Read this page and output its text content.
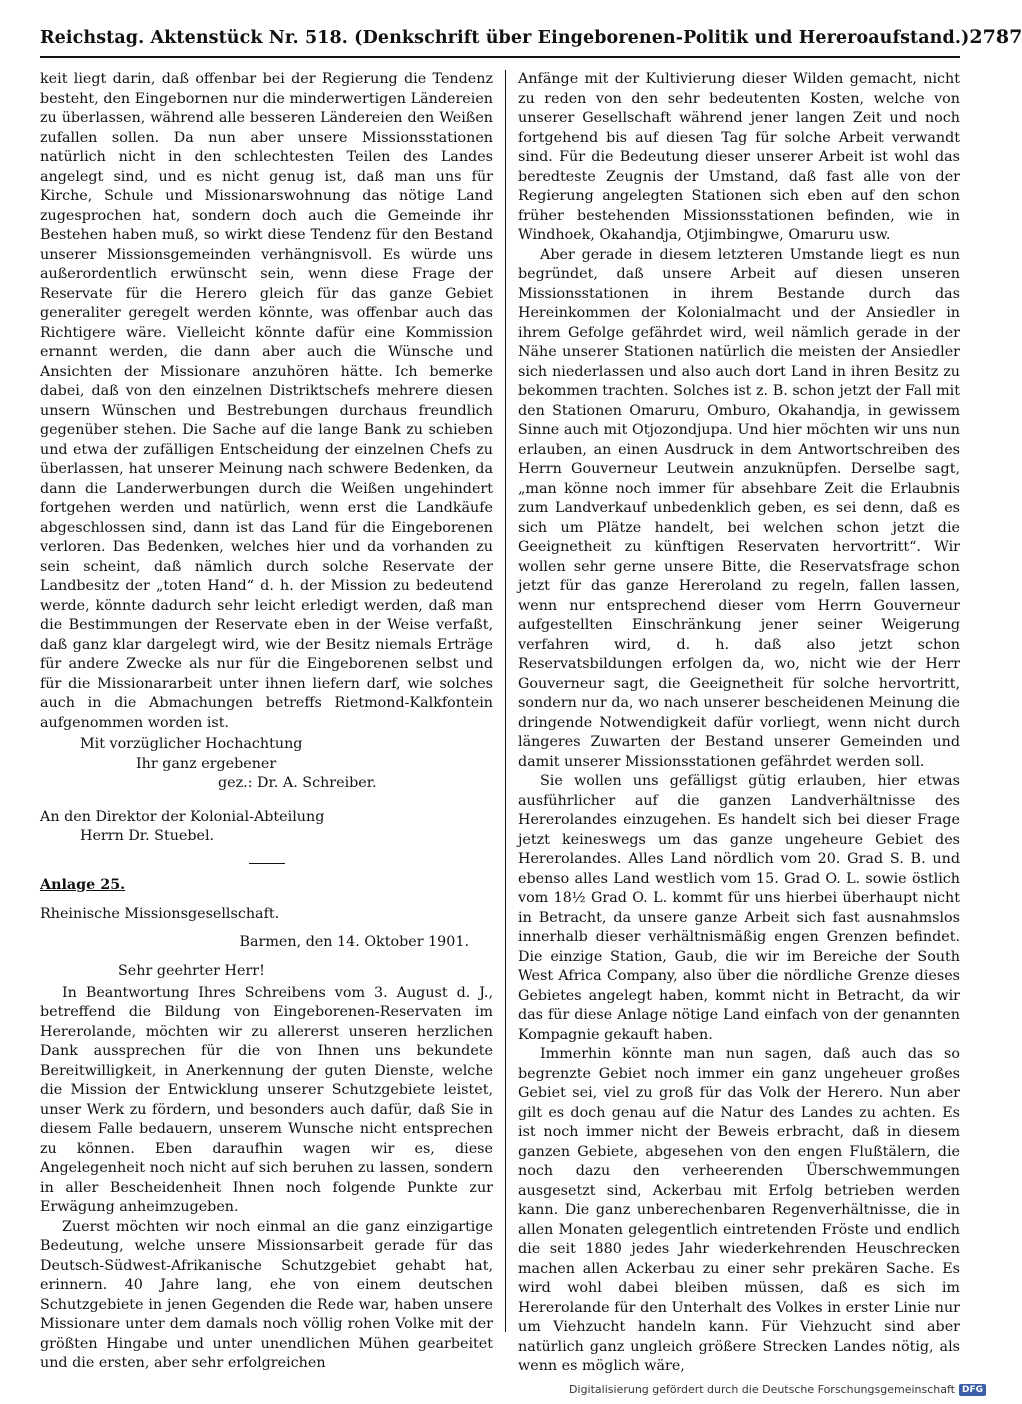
Reichstag. Aktenstück Nr. 518. (Denkschrift über Eingeborenen-Politik und Hereroaufstand.) 2787

keit liegt darin, daß offenbar bei der Regierung die Tendenz besteht, den Eingebornen nur die minderwertigen Ländereien zu überlassen, während alle besseren Ländereien den Weißen zufallen sollen. Da nun aber unsere Missionsstationen natürlich nicht in den schlechtesten Teilen des Landes angelegt sind, und es nicht genug ist, daß man uns für Kirche, Schule und Missionarswohnung das nötige Land zugesprochen hat, sondern doch auch die Gemeinde ihr Bestehen haben muß, so wirkt diese Tendenz für den Bestand unserer Missionsgemeinden verhängnisvoll. Es würde uns außerordentlich erwünscht sein, wenn diese Frage der Reservate für die Herero gleich für das ganze Gebiet generaliter geregelt werden könnte, was offenbar auch das Richtigere wäre. Vielleicht könnte dafür eine Kommission ernannt werden, die dann aber auch die Wünsche und Ansichten der Missionare anzuhören hätte. Ich bemerke dabei, daß von den einzelnen Distriktschefs mehrere diesen unsern Wünschen und Bestrebungen durchaus freundlich gegenüber stehen. Die Sache auf die lange Bank zu schieben und etwa der zufälligen Entscheidung der einzelnen Chefs zu überlassen, hat unserer Meinung nach schwere Bedenken, da dann die Landerwerbungen durch die Weißen ungehindert fortgehen werden und natürlich, wenn erst die Landkäufe abgeschlossen sind, dann ist das Land für die Eingeborenen verloren. Das Bedenken, welches hier und da vorhanden zu sein scheint, daß nämlich durch solche Reservate der Landbesitz der „toten Hand“ d. h. der Mission zu bedeutend werde, könnte dadurch sehr leicht erledigt werden, daß man die Bestimmungen der Reservate eben in der Weise verfaßt, daß ganz klar dargelegt wird, wie der Besitz niemals Erträge für andere Zwecke als nur für die Eingeborenen selbst und für die Missionararbeit unter ihnen liefern darf, wie solches auch in die Abmachungen betreffs Rietmond-Kalkfontein aufgenommen worden ist.

Mit vorzüglicher Hochachtung
Ihr ganz ergebener
gez.: Dr. A. Schreiber.
An den Direktor der Kolonial-Abteilung
Herrn Dr. Stuebel.
Anlage 25.
Rheinische Missionsgesellschaft.
Barmen, den 14. Oktober 1901.
Sehr geehrter Herr!

In Beantwortung Ihres Schreibens vom 3. August d. J., betreffend die Bildung von Eingeborenen-Reservaten im Hererolande, möchten wir zu allererst unseren herzlichen Dank aussprechen für die von Ihnen uns bekundete Bereitwilligkeit, in Anerkennung der guten Dienste, welche die Mission der Entwicklung unserer Schutzgebiete leistet, unser Werk zu fördern, und besonders auch dafür, daß Sie in diesem Falle bedauern, unserem Wunsche nicht entsprechen zu können. Eben daraufhin wagen wir es, diese Angelegenheit noch nicht auf sich beruhen zu lassen, sondern in aller Bescheidenheit Ihnen noch folgende Punkte zur Erwägung anheimzugeben.

Zuerst möchten wir noch einmal an die ganz einzigartige Bedeutung, welche unsere Missionsarbeit gerade für das Deutsch-Südwest-Afrikanische Schutzgebiet gehabt hat, erinnern. 40 Jahre lang, ehe von einem deutschen Schutzgebiete in jenen Gegenden die Rede war, haben unsere Missionare unter dem damals noch völlig rohen Volke mit der größten Hingabe und unter unendlichen Mühen gearbeitet und die ersten, aber sehr erfolgreichen

Anfänge mit der Kultivierung dieser Wilden gemacht, nicht zu reden von den sehr bedeutenten Kosten, welche von unserer Gesellschaft während jener langen Zeit und noch fortgehend bis auf diesen Tag für solche Arbeit verwandt sind. Für die Bedeutung dieser unserer Arbeit ist wohl das beredteste Zeugnis der Umstand, daß fast alle von der Regierung angelegten Stationen sich eben auf den schon früher bestehenden Missionsstationen befinden, wie in Windhoek, Okahandja, Otjimbingwe, Omaruru usw.

Aber gerade in diesem letzteren Umstande liegt es nun begründet, daß unsere Arbeit auf diesen unseren Missionsstationen in ihrem Bestande durch das Hereinkommen der Kolonialmacht und der Ansiedler in ihrem Gefolge gefährdet wird, weil nämlich gerade in der Nähe unserer Stationen natürlich die meisten der Ansiedler sich niederlassen und also auch dort Land in ihren Besitz zu bekommen trachten. Solches ist z. B. schon jetzt der Fall mit den Stationen Omaruru, Omburo, Okahandja, in gewissem Sinne auch mit Otjozondjupa. Und hier möchten wir uns nun erlauben, an einen Ausdruck in dem Antwortschreiben des Herrn Gouverneur Leutwein anzuknüpfen. Derselbe sagt, „man könne noch immer für absehbare Zeit die Erlaubnis zum Landverkauf unbedenklich geben, es sei denn, daß es sich um Plätze handelt, bei welchen schon jetzt die Geeignetheit zu künftigen Reservaten hervortritt“. Wir wollen sehr gerne unsere Bitte, die Reservatsfrage schon jetzt für das ganze Hereroland zu regeln, fallen lassen, wenn nur entsprechend dieser vom Herrn Gouverneur aufgestellten Einschränkung jener seiner Weigerung verfahren wird, d. h. daß also jetzt schon Reservatsbildungen erfolgen da, wo, nicht wie der Herr Gouverneur sagt, die Geeignetheit für solche hervortritt, sondern nur da, wo nach unserer bescheidenen Meinung die dringende Notwendigkeit dafür vorliegt, wenn nicht durch längeres Zuwarten der Bestand unserer Gemeinden und damit unserer Missionsstationen gefährdet werden soll.

Sie wollen uns gefälligst gütig erlauben, hier etwas ausführlicher auf die ganzen Landverhältnisse des Hererolandes einzugehen. Es handelt sich bei dieser Frage jetzt keineswegs um das ganze ungeheure Gebiet des Hererolandes. Alles Land nördlich vom 20. Grad S. B. und ebenso alles Land westlich vom 15. Grad O. L. sowie östlich vom 18½ Grad O. L. kommt für uns hierbei überhaupt nicht in Betracht, da unsere ganze Arbeit sich fast ausnahmslos innerhalb dieser verhältnismäßig engen Grenzen befindet. Die einzige Station, Gaub, die wir im Bereiche der South West Africa Company, also über die nördliche Grenze dieses Gebietes angelegt haben, kommt nicht in Betracht, da wir das für diese Anlage nötige Land einfach von der genannten Kompagnie gekauft haben.

Immerhin könnte man nun sagen, daß auch das so begrenzte Gebiet noch immer ein ganz ungeheuer großes Gebiet sei, viel zu groß für das Volk der Herero. Nun aber gilt es doch genau auf die Natur des Landes zu achten. Es ist noch immer nicht der Beweis erbracht, daß in diesem ganzen Gebiete, abgesehen von den engen Flußtälern, die noch dazu den verheerenden Überschwemmungen ausgesetzt sind, Ackerbau mit Erfolg betrieben werden kann. Die ganz unberechenbaren Regenverhältnisse, die in allen Monaten gelegentlich eintretenden Fröste und endlich die seit 1880 jedes Jahr wiederkehrenden Heuschrecken machen allen Ackerbau zu einer sehr prekären Sache. Es wird wohl dabei bleiben müssen, daß es sich im Hererolande für den Unterhalt des Volkes in erster Linie nur um Viehzucht handeln kann. Für Viehzucht sind aber natürlich ganz ungleich größere Strecken Landes nötig, als wenn es möglich wäre,

Digitalisierung gefördert durch die Deutsche Forschungsgemeinschaft DFG
